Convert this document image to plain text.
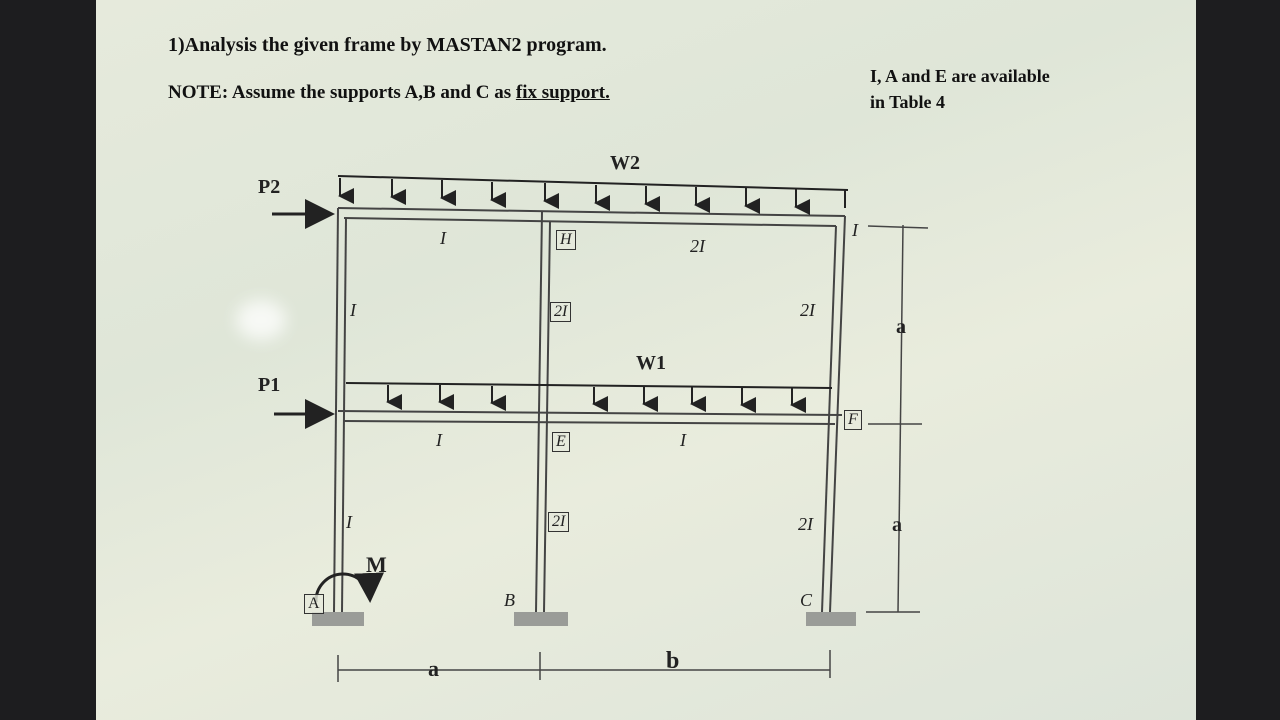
1)Analysis the given frame by MASTAN2 program.
NOTE: Assume the supports A,B and C as fix support.
I, A and E are available
in Table 4
P2
P1
W2
W1
M
I	H	2I
I
I	2I	2I
I	E	I
I	2I	2I
F
A	B	C
a
a
a	b
